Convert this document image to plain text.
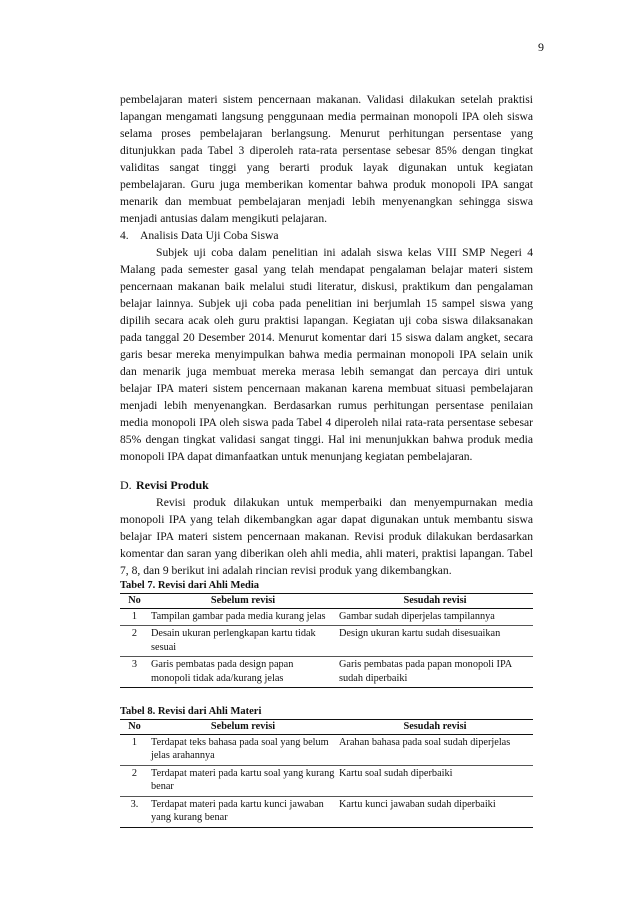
9

pembelajaran materi sistem pencernaan makanan. Validasi dilakukan setelah praktisi lapangan mengamati langsung penggunaan media permainan monopoli IPA oleh siswa selama proses pembelajaran berlangsung. Menurut perhitungan persentase yang ditunjukkan pada Tabel 3 diperoleh rata-rata persentase sebesar 85% dengan tingkat validitas sangat tinggi yang berarti produk layak digunakan untuk kegiatan pembelajaran. Guru juga memberikan komentar bahwa produk monopoli IPA sangat menarik dan membuat pembelajaran menjadi lebih menyenangkan sehingga siswa menjadi antusias dalam mengikuti pelajaran.

4. Analisis Data Uji Coba Siswa

Subjek uji coba dalam penelitian ini adalah siswa kelas VIII SMP Negeri 4 Malang pada semester gasal yang telah mendapat pengalaman belajar materi sistem pencernaan makanan baik melalui studi literatur, diskusi, praktikum dan pengalaman belajar lainnya. Subjek uji coba pada penelitian ini berjumlah 15 sampel siswa yang dipilih secara acak oleh guru praktisi lapangan. Kegiatan uji coba siswa dilaksanakan pada tanggal 20 Desember 2014. Menurut komentar dari 15 siswa dalam angket, secara garis besar mereka menyimpulkan bahwa media permainan monopoli IPA selain unik dan menarik juga membuat mereka merasa lebih semangat dan percaya diri untuk belajar IPA materi sistem pencernaan makanan karena membuat situasi pembelajaran menjadi lebih menyenangkan. Berdasarkan rumus perhitungan persentase penilaian media monopoli IPA oleh siswa pada Tabel 4 diperoleh nilai rata-rata persentase sebesar 85% dengan tingkat validasi sangat tinggi. Hal ini menunjukkan bahwa produk media monopoli IPA dapat dimanfaatkan untuk menunjang kegiatan pembelajaran.

D. Revisi Produk

Revisi produk dilakukan untuk memperbaiki dan menyempurnakan media monopoli IPA yang telah dikembangkan agar dapat digunakan untuk membantu siswa belajar IPA materi sistem pencernaan makanan. Revisi produk dilakukan berdasarkan komentar dan saran yang diberikan oleh ahli media, ahli materi, praktisi lapangan. Tabel 7, 8, dan 9 berikut ini adalah rincian revisi produk yang dikembangkan.

Tabel 7. Revisi dari Ahli Media
No	Sebelum revisi	Sesudah revisi
1	Tampilan gambar pada media kurang jelas	Gambar sudah diperjelas tampilannya
2	Desain ukuran perlengkapan kartu tidak sesuai	Design ukuran kartu sudah disesuaikan
3	Garis pembatas pada design papan monopoli tidak ada/kurang jelas	Garis pembatas pada papan monopoli IPA sudah diperbaiki
Tabel 8. Revisi dari Ahli Materi
No	Sebelum revisi	Sesudah revisi
1	Terdapat teks bahasa pada soal yang belum jelas arahannya	Arahan bahasa pada soal sudah diperjelas
2	Terdapat materi pada kartu soal yang kurang benar	Kartu soal sudah diperbaiki
3.	Terdapat materi pada kartu kunci jawaban yang kurang benar	Kartu kunci jawaban sudah diperbaiki
